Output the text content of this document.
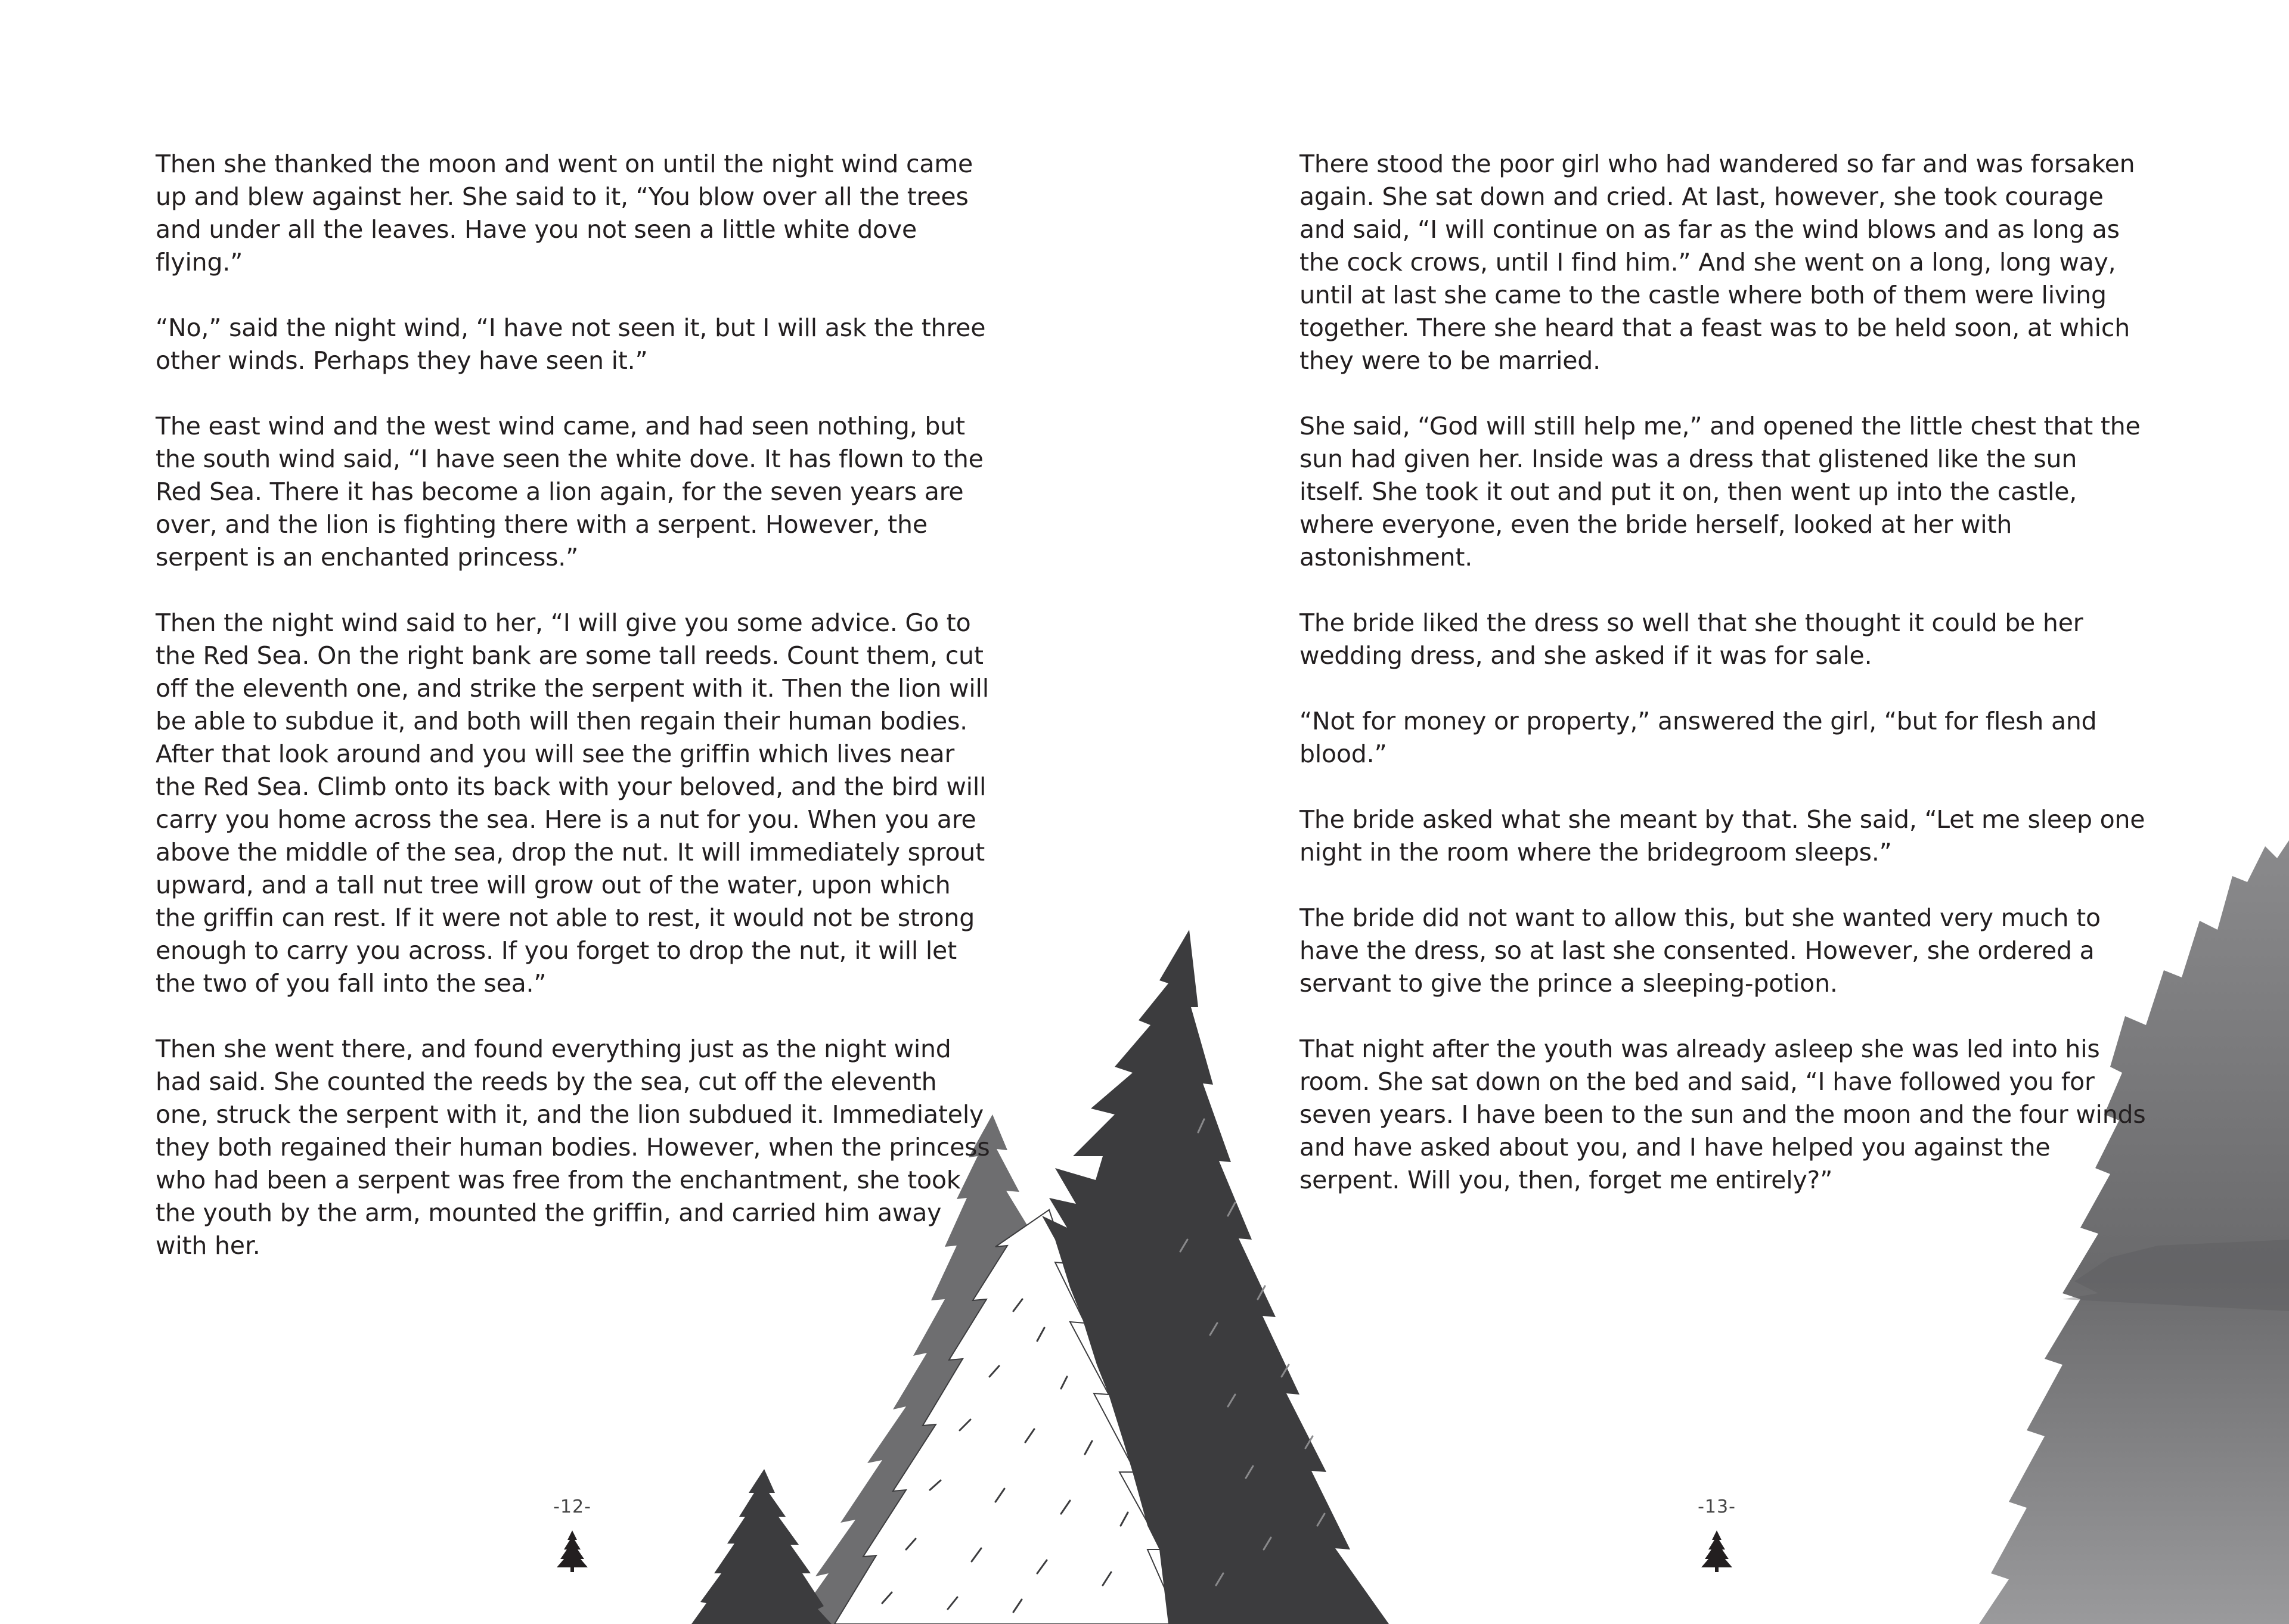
Then she thanked the moon and went on until the night wind came up and blew against her. She said to it, “You blow over all the trees and under all the leaves. Have you not seen a little white dove flying.”

“No,” said the night wind, “I have not seen it, but I will ask the three other winds. Perhaps they have seen it.”

The east wind and the west wind came, and had seen nothing, but the south wind said, “I have seen the white dove. It has flown to the Red Sea. There it has become a lion again, for the seven years are over, and the lion is fighting there with a serpent. However, the serpent is an enchanted princess.”

Then the night wind said to her, “I will give you some advice. Go to the Red Sea. On the right bank are some tall reeds. Count them, cut off the eleventh one, and strike the serpent with it. Then the lion will be able to subdue it, and both will then regain their human bodies. After that look around and you will see the griffin which lives near the Red Sea. Climb onto its back with your beloved, and the bird will carry you home across the sea. Here is a nut for you. When you are above the middle of the sea, drop the nut. It will immediately sprout upward, and a tall nut tree will grow out of the water, upon which the griffin can rest. If it were not able to rest, it would not be strong enough to carry you across. If you forget to drop the nut, it will let the two of you fall into the sea.”

Then she went there, and found everything just as the night wind had said. She counted the reeds by the sea, cut off the eleventh one, struck the serpent with it, and the lion subdued it. Immediately they both regained their human bodies. However, when the princess who had been a serpent was free from the enchantment, she took the youth by the arm, mounted the griffin, and carried him away with her.

There stood the poor girl who had wandered so far and was forsaken again. She sat down and cried. At last, however, she took courage and said, “I will continue on as far as the wind blows and as long as the cock crows, until I find him.” And she went on a long, long way, until at last she came to the castle where both of them were living together. There she heard that a feast was to be held soon, at which they were to be married.

She said, “God will still help me,” and opened the little chest that the sun had given her. Inside was a dress that glistened like the sun itself. She took it out and put it on, then went up into the castle, where everyone, even the bride herself, looked at her with astonishment.

The bride liked the dress so well that she thought it could be her wedding dress, and she asked if it was for sale.

“Not for money or property,” answered the girl, “but for flesh and blood.”

The bride asked what she meant by that. She said, “Let me sleep one night in the room where the bridegroom sleeps.”

The bride did not want to allow this, but she wanted very much to have the dress, so at last she consented. However, she ordered a servant to give the prince a sleeping-potion.

That night after the youth was already asleep she was led into his room. She sat down on the bed and said, “I have followed you for seven years. I have been to the sun and the moon and the four winds and have asked about you, and I have helped you against the serpent. Will you, then, forget me entirely?”

-12-	-13-
